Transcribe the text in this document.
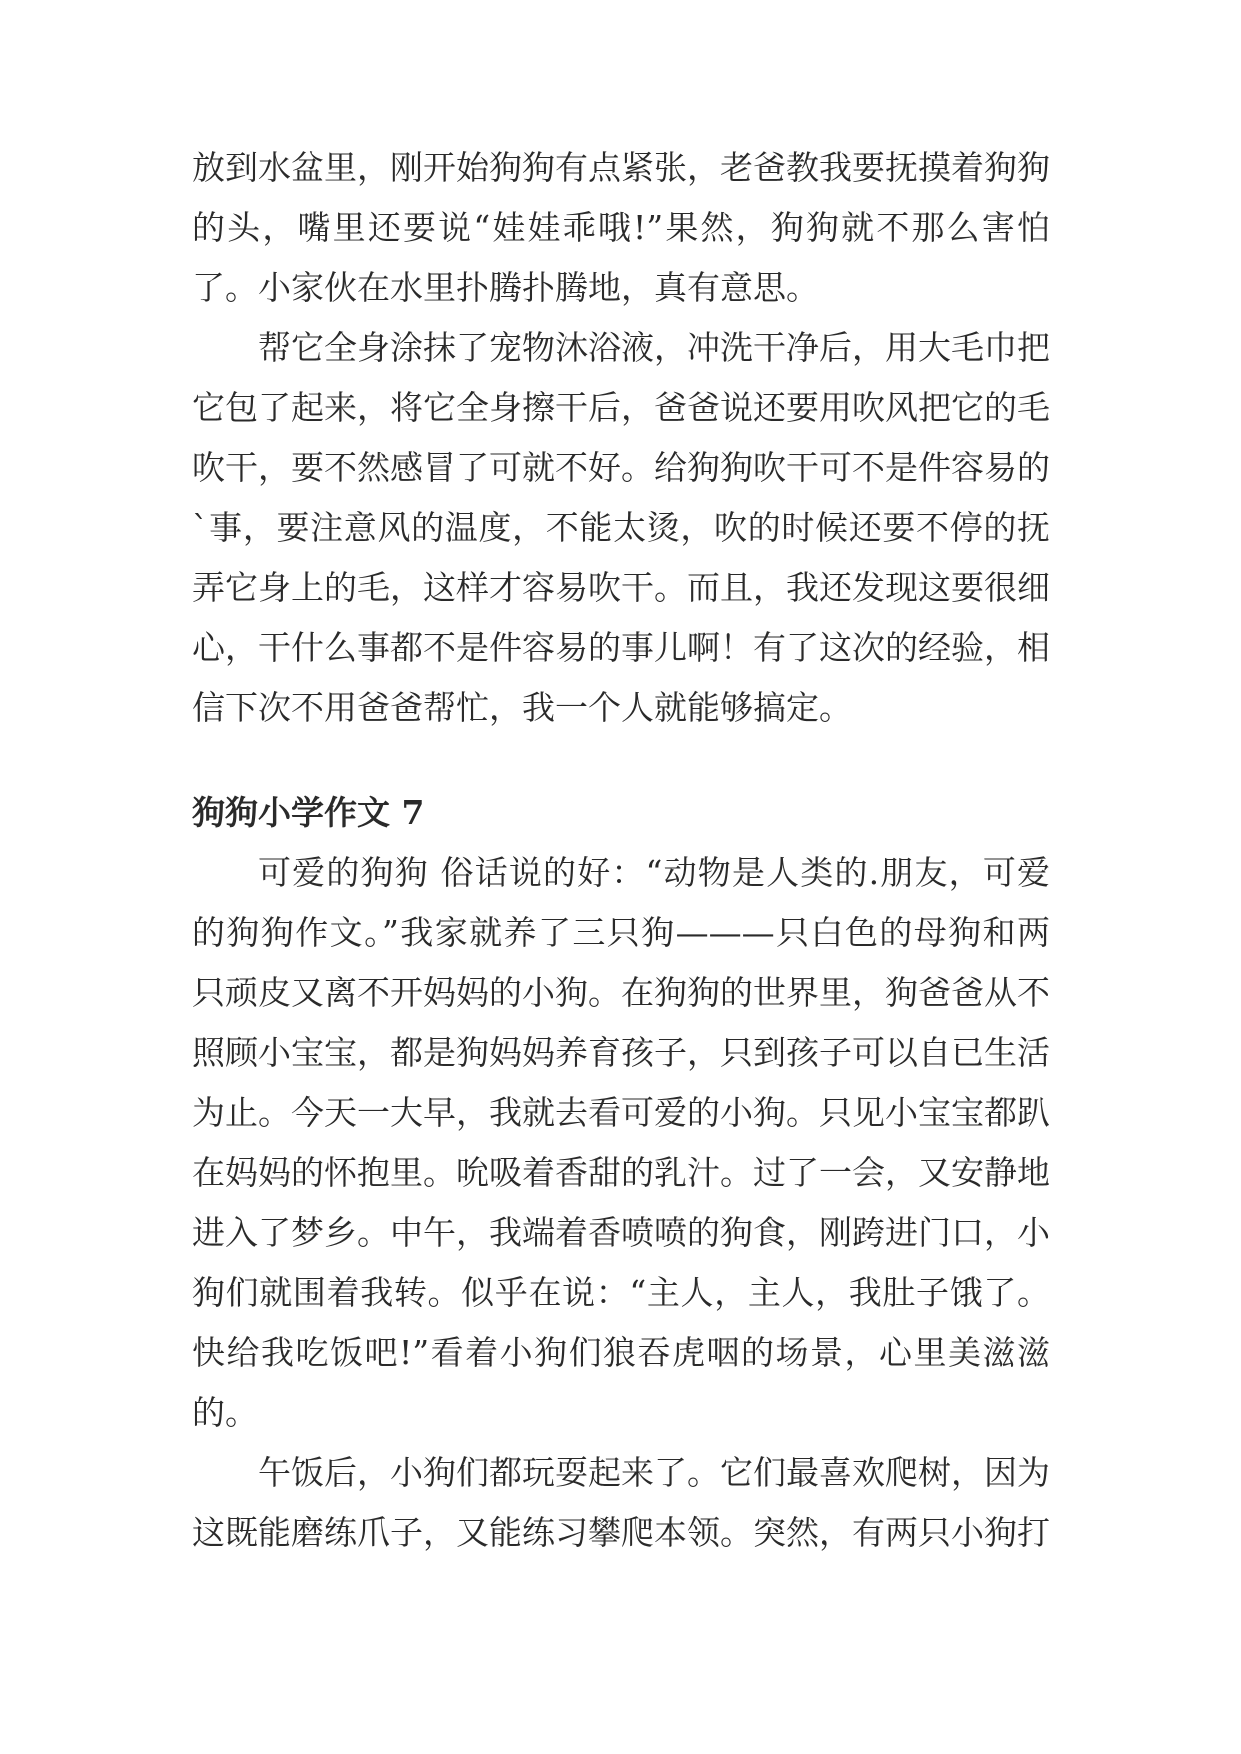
放到水盆里，刚开始狗狗有点紧张，老爸教我要抚摸着狗狗
的头，嘴里还要说“娃娃乖哦!”果然，狗狗就不那么害怕
了。小家伙在水里扑腾扑腾地，真有意思。
帮它全身涂抹了宠物沐浴液，冲洗干净后，用大毛巾把
它包了起来，将它全身擦干后，爸爸说还要用吹风把它的毛
吹干，要不然感冒了可就不好。给狗狗吹干可不是件容易的
`事，要注意风的温度，不能太烫，吹的时候还要不停的抚
弄它身上的毛，这样才容易吹干。而且，我还发现这要很细
心，干什么事都不是件容易的事儿啊！有了这次的经验，相
信下次不用爸爸帮忙，我一个人就能够搞定。
狗狗小学作文 7
可爱的狗狗 俗话说的好：“动物是人类的.朋友，可爱
的狗狗作文。”我家就养了三只狗———只白色的母狗和两
只顽皮又离不开妈妈的小狗。在狗狗的世界里，狗爸爸从不
照顾小宝宝，都是狗妈妈养育孩子，只到孩子可以自已生活
为止。今天一大早，我就去看可爱的小狗。只见小宝宝都趴
在妈妈的怀抱里。吮吸着香甜的乳汁。过了一会，又安静地
进入了梦乡。中午，我端着香喷喷的狗食，刚跨进门口，小
狗们就围着我转。似乎在说：“主人，主人，我肚子饿了。
快给我吃饭吧!”看着小狗们狼吞虎咽的场景，心里美滋滋
的。
午饭后，小狗们都玩耍起来了。它们最喜欢爬树，因为
这既能磨练爪子，又能练习攀爬本领。突然，有两只小狗打
